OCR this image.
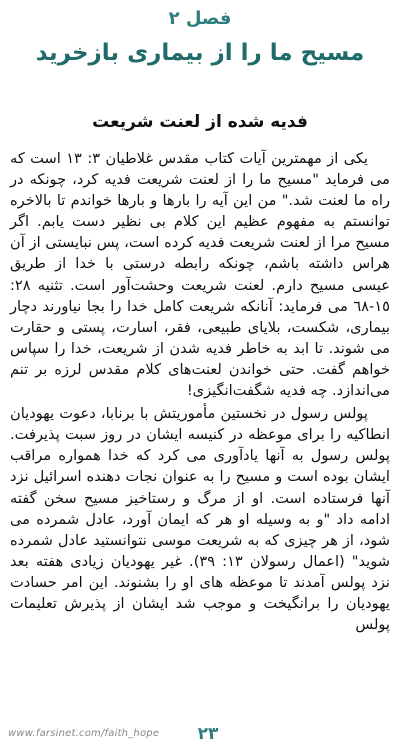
فصل ٢
مسیح ما را از بیماری بازخرید
فدیه شده از لعنت شریعت

یکی از مهمترین آیات کتاب مقدس غلاطیان ٣: ١٣ است که می فرماید "مسیح ما را از لعنت شریعت فدیه کرد، چونکه در راه ما لعنت شد." من این آیه را بارها و بارها خواندم تا بالاخره توانستم به مفهوم عظیم این کلام بی نظیر دست یابم. اگر مسیح مرا از لعنت شریعت فدیه کرده است، پس نبایستی از آن هراس داشته باشم، چونکه رابطه درستی با خدا از طریق عیسی مسیح دارم. لعنت شریعت وحشت‌آور است. تثنیه ٢٨: ١٥-٦٨ می فرماید: آنانکه شریعت کامل خدا را بجا نیاورند دچار بیماری، شکست، بلایای طبیعی، فقر، اسارت، پستی و حقارت می شوند. تا ابد به خاطر فدیه شدن از شریعت، خدا را سپاس خواهم گفت. حتی خواندن لعنت‌های کلام مقدس لرزه بر تنم می‌اندازد. چه فدیه شگفت‌انگیزی!

پولس رسول در نخستین مأموریتش با برنابا، دعوت یهودیان انطاکیه را برای موعظه در کنیسه ایشان در روز سبت پذیرفت. پولس رسول به آنها یادآوری می کرد که خدا همواره مراقب ایشان بوده است و مسیح را به عنوان نجات دهنده اسرائیل نزد آنها فرستاده است. او از مرگ و رستاخیز مسیح سخن گفته ادامه داد "و به وسیله او هر که ایمان آورد، عادل شمرده می شود، از هر چیزی که به شریعت موسی نتوانستید عادل شمرده شوید" (اعمال رسولان ١٣: ٣٩). غیر یهودیان زیادی هفته بعد نزد پولس آمدند تا موعظه های او را بشنوند. این امر حسادت یهودیان را برانگیخت و موجب شد ایشان از پذیرش تعلیمات پولس

www.farsinet.com/faith_hope	٢٣
